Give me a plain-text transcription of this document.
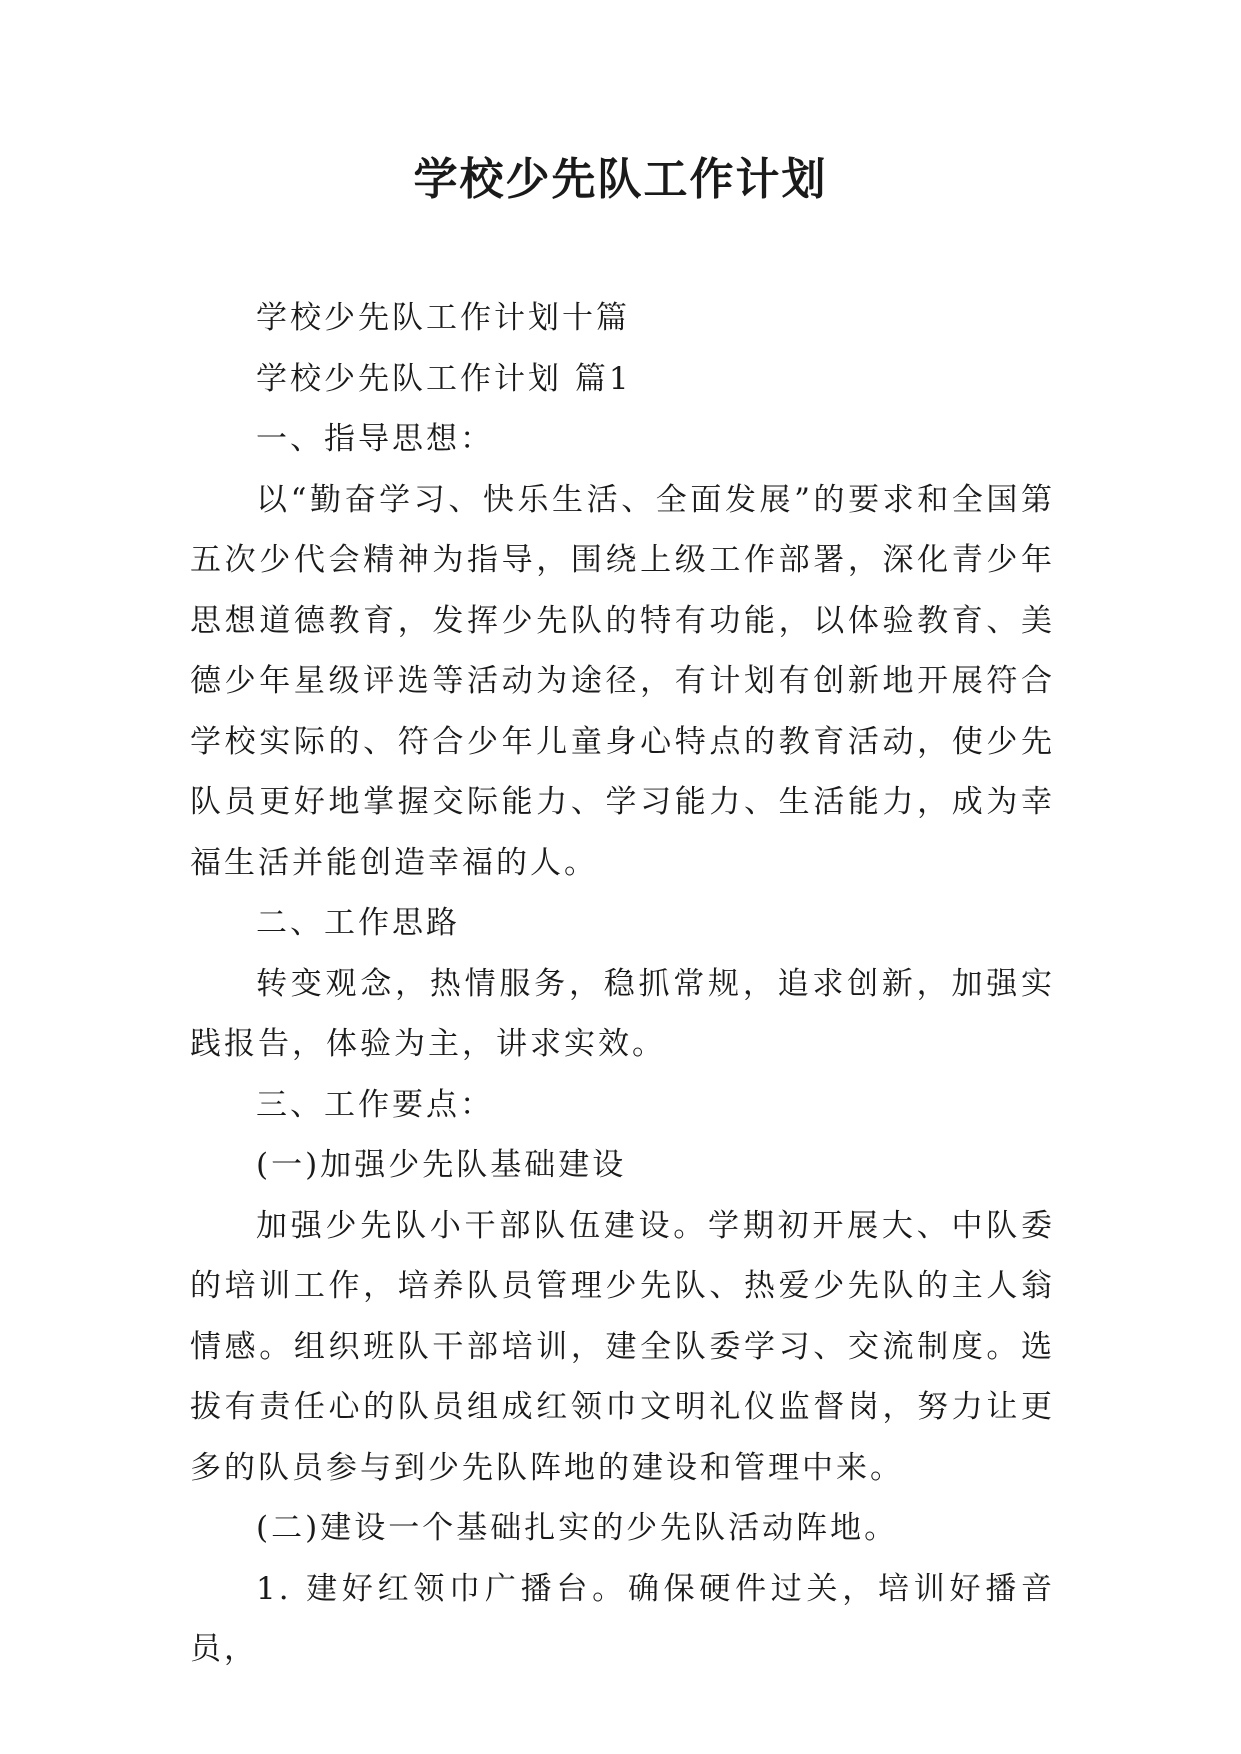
学校少先队工作计划

学校少先队工作计划十篇

学校少先队工作计划 篇1

一、指导思想：

以“勤奋学习、快乐生活、全面发展”的要求和全国第五次少代会精神为指导，围绕上级工作部署，深化青少年思想道德教育，发挥少先队的特有功能，以体验教育、美德少年星级评选等活动为途径，有计划有创新地开展符合学校实际的、符合少年儿童身心特点的教育活动，使少先队员更好地掌握交际能力、学习能力、生活能力，成为幸福生活并能创造幸福的人。

二、工作思路

转变观念，热情服务，稳抓常规，追求创新，加强实践报告，体验为主，讲求实效。

三、工作要点：

(一)加强少先队基础建设

加强少先队小干部队伍建设。学期初开展大、中队委的培训工作，培养队员管理少先队、热爱少先队的主人翁情感。组织班队干部培训，建全队委学习、交流制度。选拔有责任心的队员组成红领巾文明礼仪监督岗，努力让更多的队员参与到少先队阵地的建设和管理中来。

(二)建设一个基础扎实的少先队活动阵地。

1. 建好红领巾广播台。确保硬件过关，培训好播音员，
